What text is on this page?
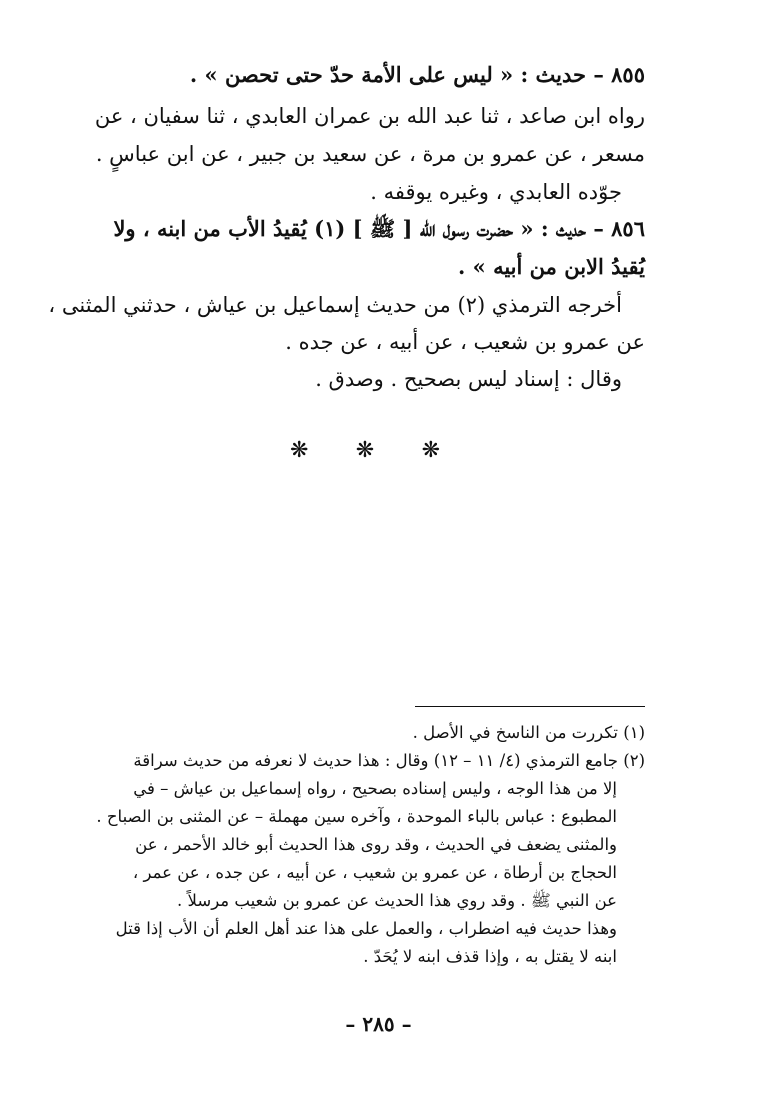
٨٥٥ – حديث : « ليس على الأمة حدّ حتى تحصن » .
رواه ابن صاعد ، ثنا عبد الله بن عمران العابدي ، ثنا سفيان ، عن
مسعر ، عن عمرو بن مرة ، عن سعيد بن جبير ، عن ابن عباسٍ .
جوّده العابدي ، وغيره يوقفه .
٨٥٦ – حديث : « حضرت رسول الله [ ﷺ ] (١) يُقيدُ الأب من ابنه ، ولا
يُقيدُ الابن من أبيه » .
أخرجه الترمذي (٢) من حديث إسماعيل بن عياش ، حدثني المثنى ،
عن عمرو بن شعيب ، عن أبيه ، عن جده .
وقال : إسناد ليس بصحيح . وصدق .
❋ ❋ ❋
(١) تكررت من الناسخ في الأصل .
(٢) جامع الترمذي (٤/ ١١ – ١٢) وقال : هذا حديث لا نعرفه من حديث سراقة
إلا من هذا الوجه ، وليس إسناده بصحيح ، رواه إسماعيل بن عياش – في
المطبوع : عباس بالباء الموحدة ، وآخره سين مهملة – عن المثنى بن الصباح .
والمثنى يضعف في الحديث ، وقد روى هذا الحديث أبو خالد الأحمر ، عن
الحجاج بن أرطاة ، عن عمرو بن شعيب ، عن أبيه ، عن جده ، عن عمر ،
عن النبي ﷺ . وقد روي هذا الحديث عن عمرو بن شعيب مرسلاً .
وهذا حديث فيه اضطراب ، والعمل على هذا عند أهل العلم أن الأب إذا قتل
ابنه لا يقتل به ، وإذا قذف ابنه لا يُحَدّ .
– ٢٨٥ –
